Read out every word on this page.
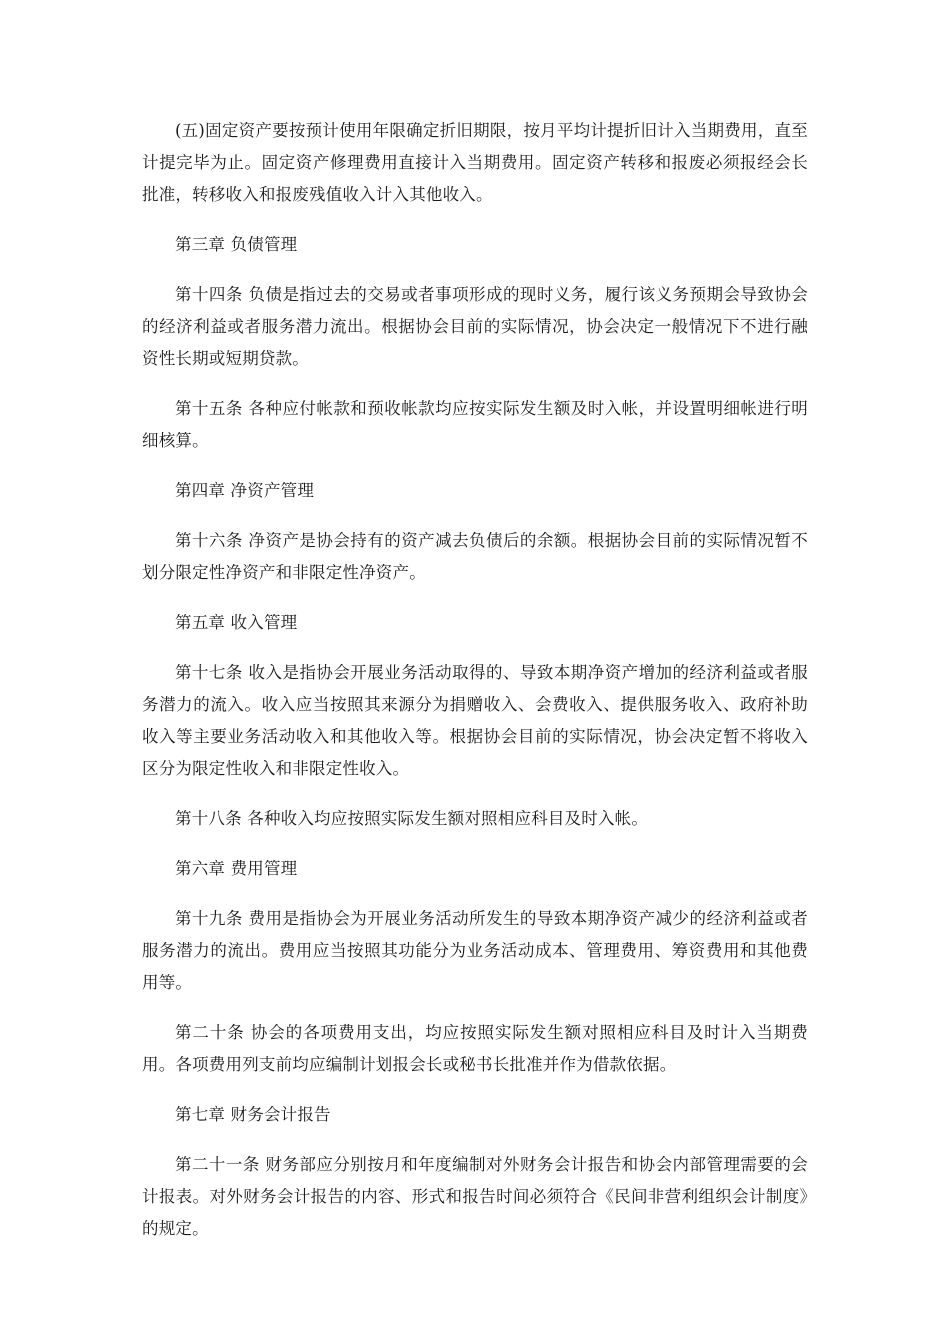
(五)固定资产要按预计使用年限确定折旧期限，按月平均计提折旧计入当期费用，直至计提完毕为止。固定资产修理费用直接计入当期费用。固定资产转移和报废必须报经会长批准，转移收入和报废残值收入计入其他收入。

第三章 负债管理

第十四条 负债是指过去的交易或者事项形成的现时义务，履行该义务预期会导致协会的经济利益或者服务潜力流出。根据协会目前的实际情况，协会决定一般情况下不进行融资性长期或短期贷款。

第十五条 各种应付帐款和预收帐款均应按实际发生额及时入帐，并设置明细帐进行明细核算。

第四章 净资产管理

第十六条 净资产是协会持有的资产减去负债后的余额。根据协会目前的实际情况暂不划分限定性净资产和非限定性净资产。

第五章 收入管理

第十七条 收入是指协会开展业务活动取得的、导致本期净资产增加的经济利益或者服务潜力的流入。收入应当按照其来源分为捐赠收入、会费收入、提供服务收入、政府补助收入等主要业务活动收入和其他收入等。根据协会目前的实际情况，协会决定暂不将收入区分为限定性收入和非限定性收入。

第十八条 各种收入均应按照实际发生额对照相应科目及时入帐。

第六章 费用管理

第十九条 费用是指协会为开展业务活动所发生的导致本期净资产减少的经济利益或者服务潜力的流出。费用应当按照其功能分为业务活动成本、管理费用、筹资费用和其他费用等。

第二十条 协会的各项费用支出，均应按照实际发生额对照相应科目及时计入当期费用。各项费用列支前均应编制计划报会长或秘书长批准并作为借款依据。

第七章 财务会计报告

第二十一条 财务部应分别按月和年度编制对外财务会计报告和协会内部管理需要的会计报表。对外财务会计报告的内容、形式和报告时间必须符合《民间非营利组织会计制度》的规定。
